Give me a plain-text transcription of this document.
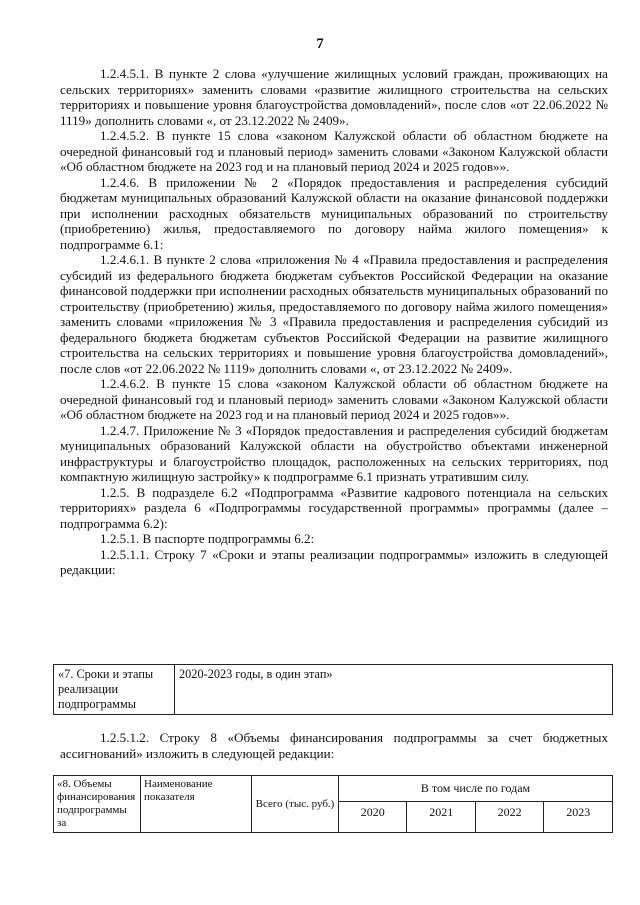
7

1.2.4.5.1. В пункте 2 слова «улучшение жилищных условий граждан, проживающих на сельских территориях» заменить словами «развитие жилищного строительства на сельских территориях и повышение уровня благоустройства домовладений», после слов «от 22.06.2022 № 1119» дополнить словами «, от 23.12.2022 № 2409».

1.2.4.5.2. В пункте 15 слова «законом Калужской области об областном бюджете на очередной финансовый год и плановый период» заменить словами «Законом Калужской области «Об областном бюджете на 2023 год и на плановый период 2024 и 2025 годов»».

1.2.4.6. В приложении № 2 «Порядок предоставления и распределения субсидий бюджетам муниципальных образований Калужской области на оказание финансовой поддержки при исполнении расходных обязательств муниципальных образований по строительству (приобретению) жилья, предоставляемого по договору найма жилого помещения» к подпрограмме 6.1:

1.2.4.6.1. В пункте 2 слова «приложения № 4 «Правила предоставления и распределения субсидий из федерального бюджета бюджетам субъектов Российской Федерации на оказание финансовой поддержки при исполнении расходных обязательств муниципальных образований по строительству (приобретению) жилья, предоставляемого по договору найма жилого помещения» заменить словами «приложения № 3 «Правила предоставления и распределения субсидий из федерального бюджета бюджетам субъектов Российской Федерации на развитие жилищного строительства на сельских территориях и повышение уровня благоустройства домовладений», после слов «от 22.06.2022 № 1119» дополнить словами «, от 23.12.2022 № 2409».

1.2.4.6.2. В пункте 15 слова «законом Калужской области об областном бюджете на очередной финансовый год и плановый период» заменить словами «Законом Калужской области «Об областном бюджете на 2023 год и на плановый период 2024 и 2025 годов»».

1.2.4.7. Приложение № 3 «Порядок предоставления и распределения субсидий бюджетам муниципальных образований Калужской области на обустройство объектами инженерной инфраструктуры и благоустройство площадок, расположенных на сельских территориях, под компактную жилищную застройку» к подпрограмме 6.1 признать утратившим силу.

1.2.5. В подразделе 6.2 «Подпрограмма «Развитие кадрового потенциала на сельских территориях» раздела 6 «Подпрограммы государственной программы» программы (далее – подпрограмма 6.2):

1.2.5.1. В паспорте подпрограммы 6.2:

1.2.5.1.1. Строку 7 «Сроки и этапы реализации подпрограммы» изложить в следующей редакции:

«7. Сроки и этапы реализации подпрограммы	2020-2023 годы, в один этап»
1.2.5.1.2. Строку 8 «Объемы финансирования подпрограммы за счет бюджетных ассигнований» изложить в следующей редакции:
«8. Объемы финансирования подпрограммы за	Наименование показателя	Всего (тыс. руб.)	В том числе по годам			
			2020	2021	2022	2023
